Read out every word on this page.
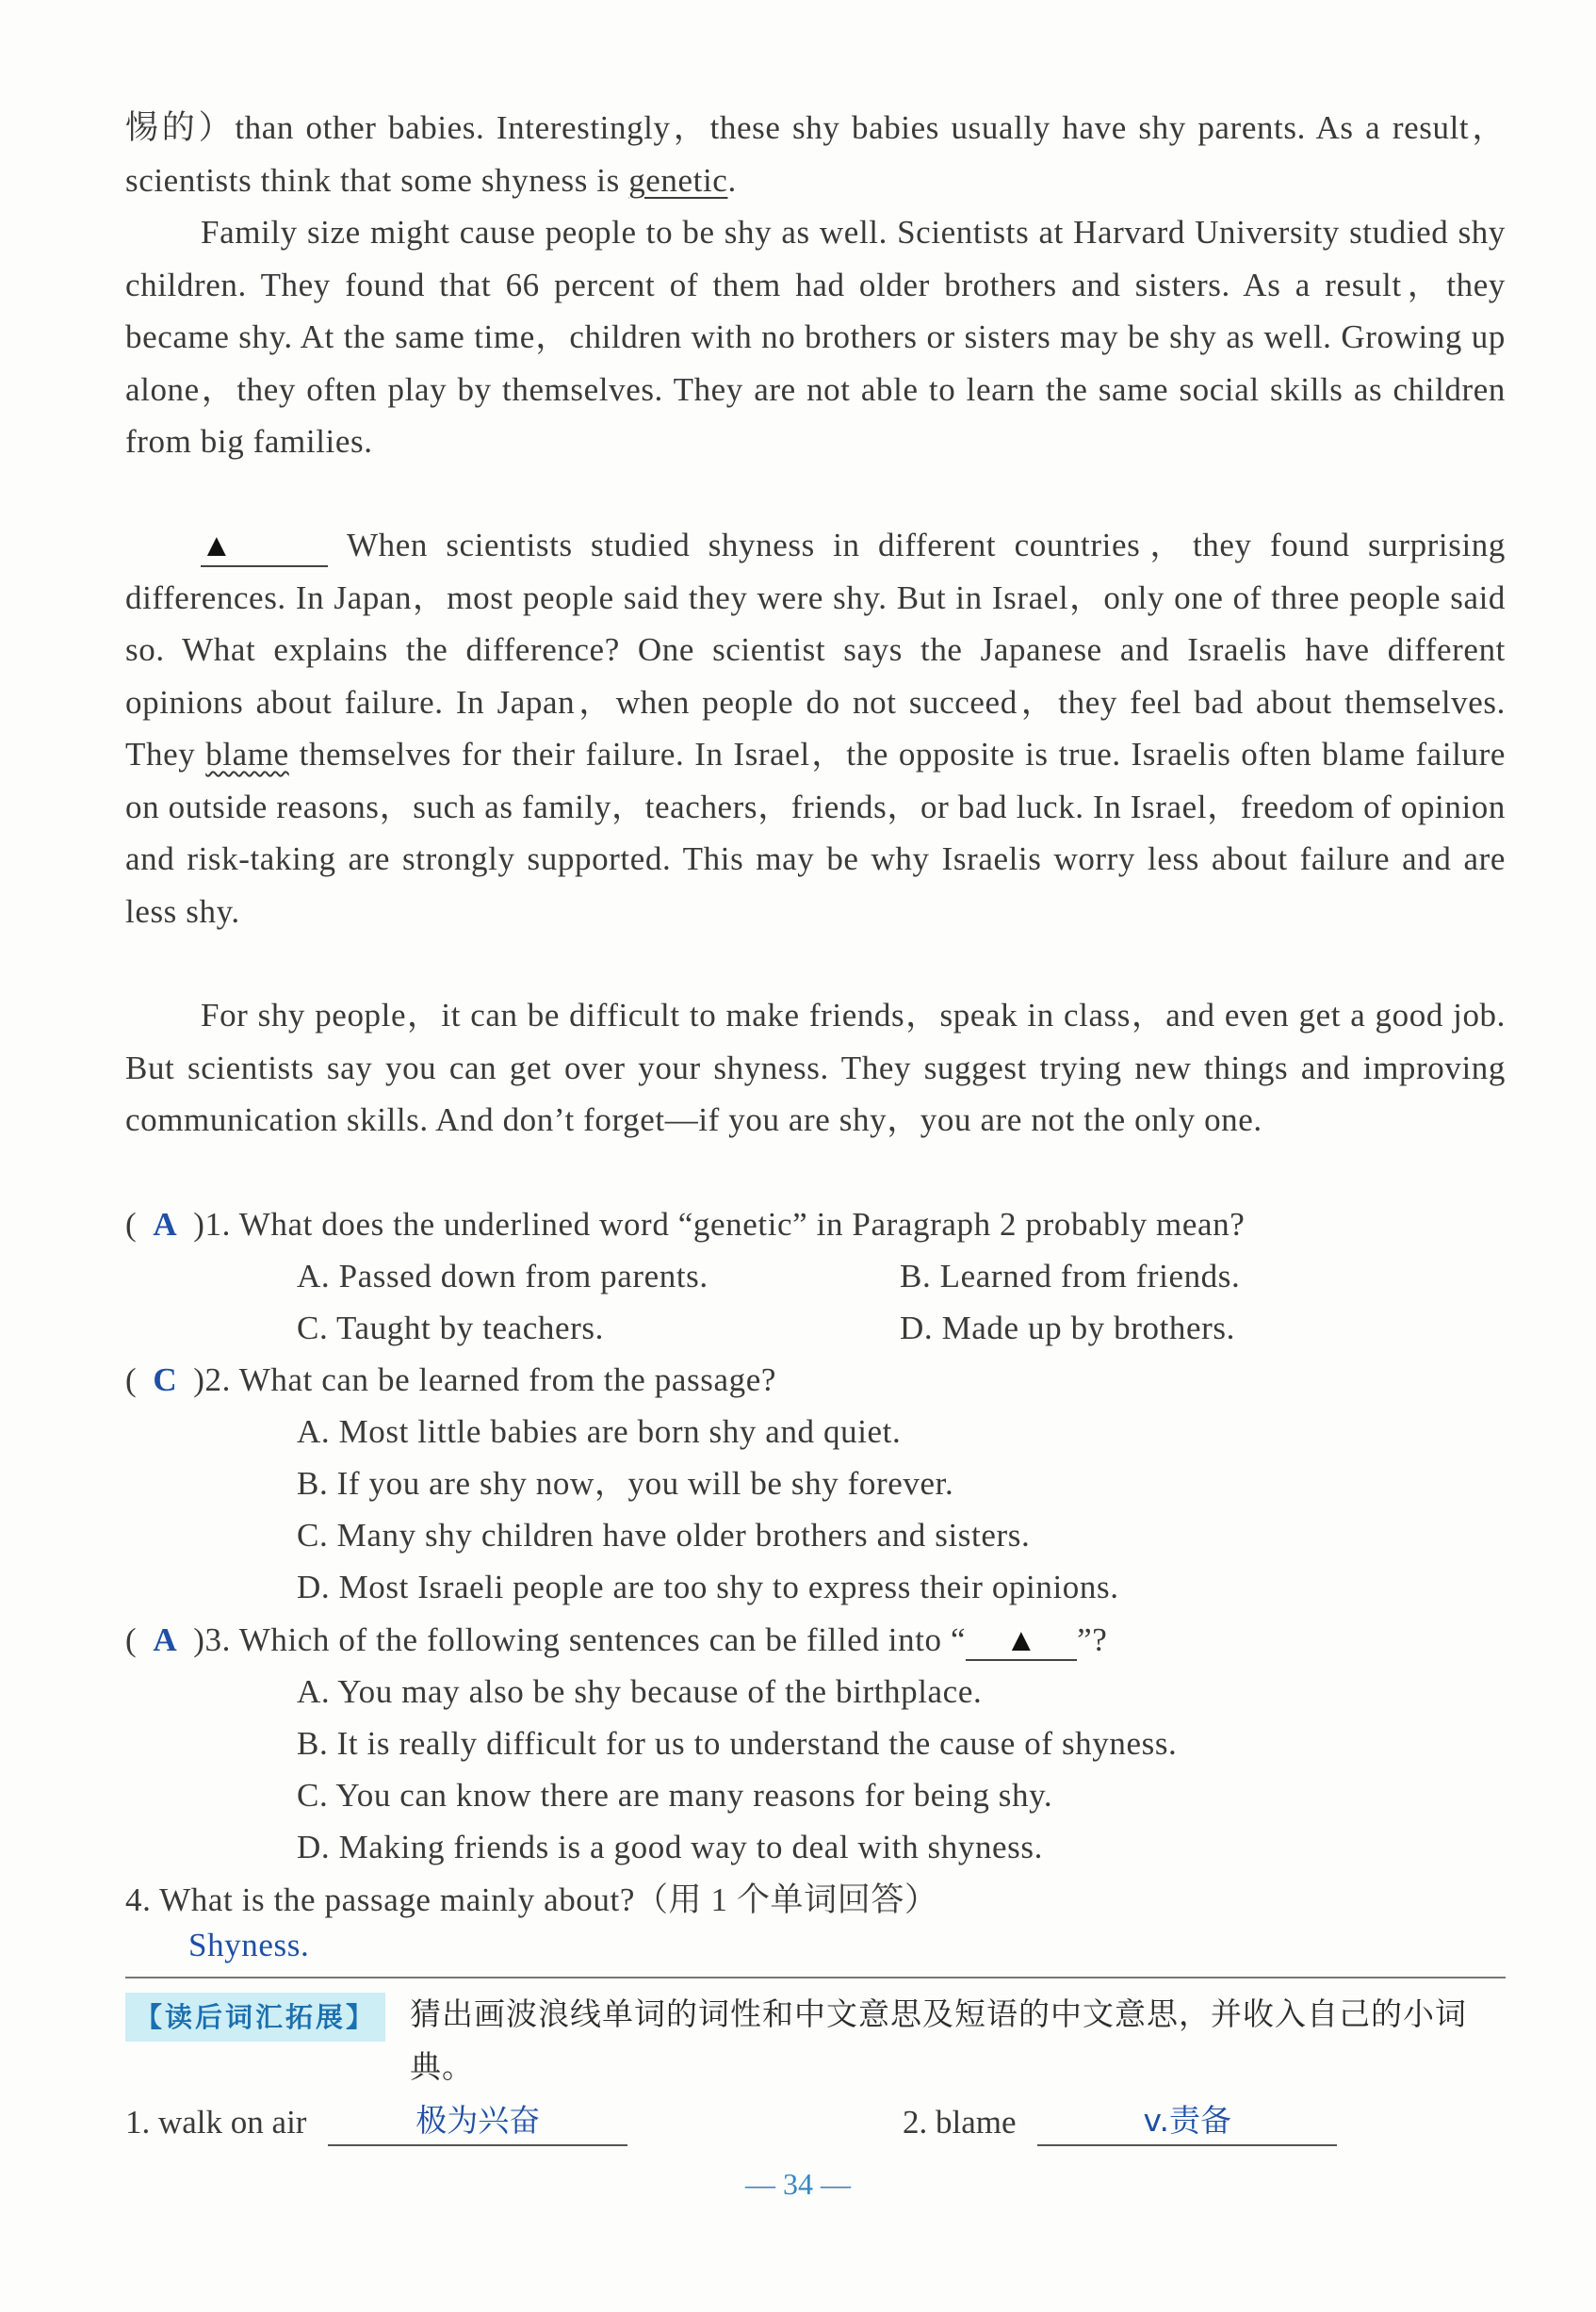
惕的）than other babies. Interestingly，these shy babies usually have shy parents. As a result，scientists think that some shyness is genetic.

Family size might cause people to be shy as well. Scientists at Harvard University studied shy children. They found that 66 percent of them had older brothers and sisters. As a result，they became shy. At the same time，children with no brothers or sisters may be shy as well. Growing up alone，they often play by themselves. They are not able to learn the same social skills as children from big families.

▲	When scientists studied shyness in different countries，they found surprising differences. In Japan，most people said they were shy. But in Israel，only one of three people said so. What explains the difference? One scientist says the Japanese and Israelis have different opinions about failure. In Japan，when people do not succeed，they feel bad about themselves. They blame themselves for their failure. In Israel，the opposite is true. Israelis often blame failure on outside reasons，such as family，teachers，friends，or bad luck. In Israel，freedom of opinion and risk-taking are strongly supported. This may be why Israelis worry less about failure and are less shy.

For shy people，it can be difficult to make friends，speak in class，and even get a good job. But scientists say you can get over your shyness. They suggest trying new things and improving communication skills. And don’t forget—if you are shy，you are not the only one.

( A )1. What does the underlined word “genetic” in Paragraph 2 probably mean?
A. Passed down from parents.	B. Learned from friends.
C. Taught by teachers.	D. Made up by brothers.
( C )2. What can be learned from the passage?
A. Most little babies are born shy and quiet.
B. If you are shy now，you will be shy forever.
C. Many shy children have older brothers and sisters.
D. Most Israeli people are too shy to express their opinions.
( A )3. Which of the following sentences can be filled into “ ▲ ”?
A. You may also be shy because of the birthplace.
B. It is really difficult for us to understand the cause of shyness.
C. You can know there are many reasons for being shy.
D. Making friends is a good way to deal with shyness.
4. What is the passage mainly about?（用 1 个单词回答）
Shyness.
【读后词汇拓展】	猜出画波浪线单词的词性和中文意思及短语的中文意思，并收入自己的小词典。
1. walk on air	极为兴奋	2. blame	v.责备
— 34 —
